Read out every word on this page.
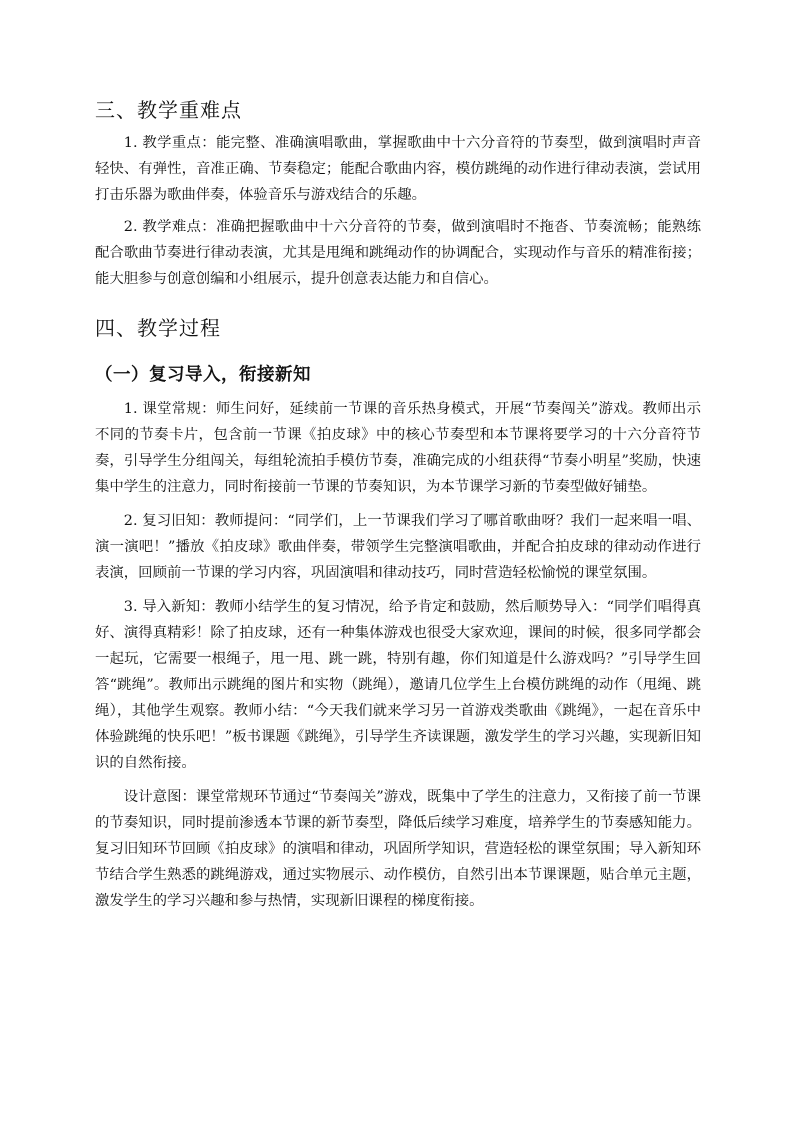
三、教学重难点

1. 教学重点：能完整、准确演唱歌曲，掌握歌曲中十六分音符的节奏型，做到演唱时声音轻快、有弹性，音准正确、节奏稳定；能配合歌曲内容，模仿跳绳的动作进行律动表演，尝试用打击乐器为歌曲伴奏，体验音乐与游戏结合的乐趣。

2. 教学难点：准确把握歌曲中十六分音符的节奏，做到演唱时不拖沓、节奏流畅；能熟练配合歌曲节奏进行律动表演，尤其是甩绳和跳绳动作的协调配合，实现动作与音乐的精准衔接；能大胆参与创意创编和小组展示，提升创意表达能力和自信心。

四、教学过程
（一）复习导入，衔接新知

1. 课堂常规：师生问好，延续前一节课的音乐热身模式，开展“节奏闯关”游戏。教师出示不同的节奏卡片，包含前一节课《拍皮球》中的核心节奏型和本节课将要学习的十六分音符节奏，引导学生分组闯关，每组轮流拍手模仿节奏，准确完成的小组获得“节奏小明星”奖励，快速集中学生的注意力，同时衔接前一节课的节奏知识，为本节课学习新的节奏型做好铺垫。

2. 复习旧知：教师提问：“同学们，上一节课我们学习了哪首歌曲呀？我们一起来唱一唱、演一演吧！”播放《拍皮球》歌曲伴奏，带领学生完整演唱歌曲，并配合拍皮球的律动动作进行表演，回顾前一节课的学习内容，巩固演唱和律动技巧，同时营造轻松愉悦的课堂氛围。

3. 导入新知：教师小结学生的复习情况，给予肯定和鼓励，然后顺势导入：“同学们唱得真好、演得真精彩！除了拍皮球，还有一种集体游戏也很受大家欢迎，课间的时候，很多同学都会一起玩，它需要一根绳子，甩一甩、跳一跳，特别有趣，你们知道是什么游戏吗？”引导学生回答“跳绳”。教师出示跳绳的图片和实物（跳绳），邀请几位学生上台模仿跳绳的动作（甩绳、跳绳），其他学生观察。教师小结：“今天我们就来学习另一首游戏类歌曲《跳绳》，一起在音乐中体验跳绳的快乐吧！”板书课题《跳绳》，引导学生齐读课题，激发学生的学习兴趣，实现新旧知识的自然衔接。

设计意图：课堂常规环节通过“节奏闯关”游戏，既集中了学生的注意力，又衔接了前一节课的节奏知识，同时提前渗透本节课的新节奏型，降低后续学习难度，培养学生的节奏感知能力。复习旧知环节回顾《拍皮球》的演唱和律动，巩固所学知识，营造轻松的课堂氛围；导入新知环节结合学生熟悉的跳绳游戏，通过实物展示、动作模仿，自然引出本节课课题，贴合单元主题，激发学生的学习兴趣和参与热情，实现新旧课程的梯度衔接。
